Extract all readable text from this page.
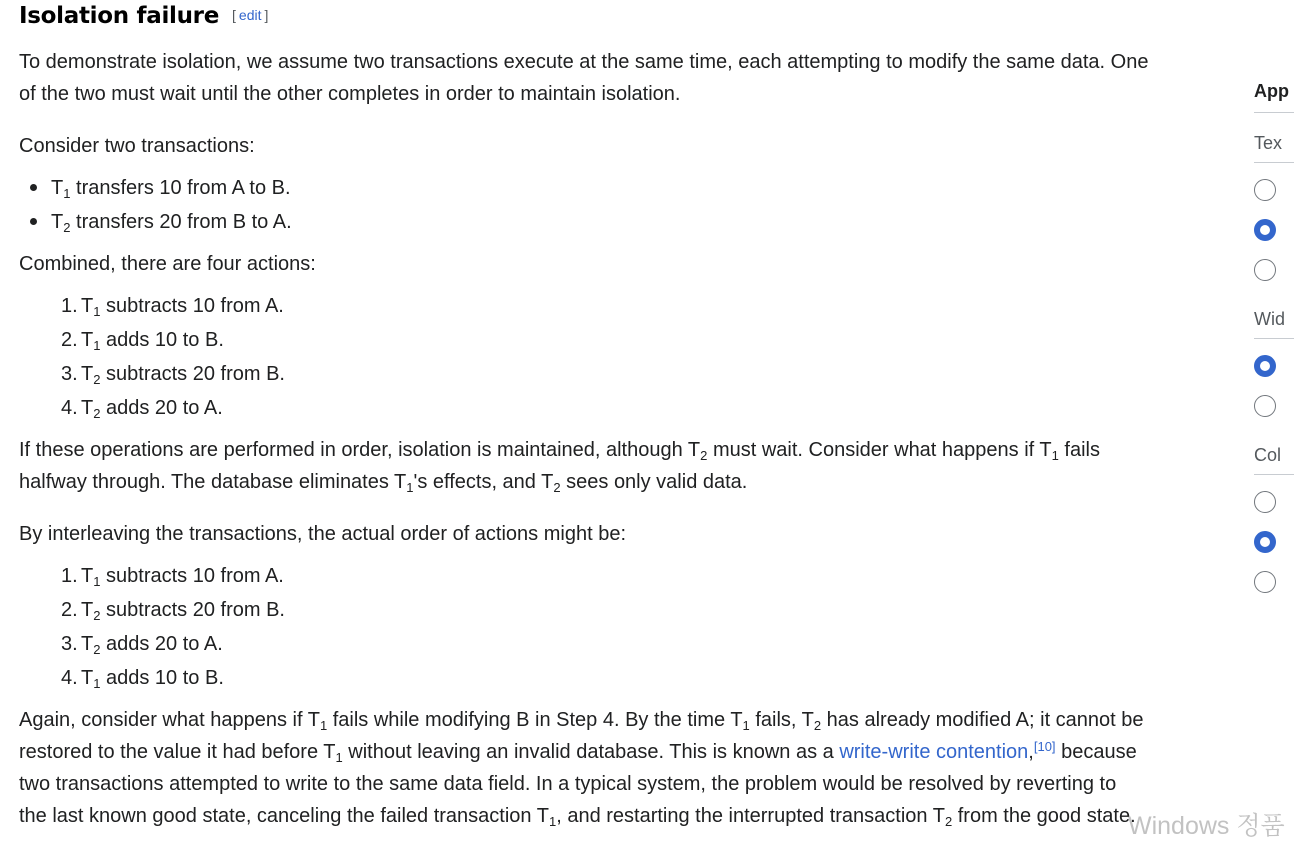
Isolation failure [ edit ]
To demonstrate isolation, we assume two transactions execute at the same time, each attempting to modify the same data. One
of the two must wait until the other completes in order to maintain isolation.
Consider two transactions:
$T_1$ transfers 10 from A to B.
$T_2$ transfers 20 from B to A.
Combined, there are four actions:
1. $T_1$ subtracts 10 from A.
2. $T_1$ adds 10 to B.
3. $T_2$ subtracts 20 from B.
4. $T_2$ adds 20 to A.
If these operations are performed in order, isolation is maintained, although $T_2$ must wait. Consider what happens if $T_1$ fails
halfway through. The database eliminates $T_1's$ effects, and $T_2$ sees only valid data.
By interleaving the transactions, the actual order of actions might be:
1. $T_1$ subtracts 10 from A.
2. $T_2$ subtracts 20 from B.
3. $T_2$ adds 20 to A.
4. $T_1$ adds 10 to B.
Again, consider what happens if $T_1$ fails while modifying B in Step 4. By the time $T_1$ fails, $T_2$ has already modified A; it cannot be
restored to the value it had before $T_1$ without leaving an invalid database. This is known as a write-write contention,[10] because
two transactions attempted to write to the same data field. In a typical system, the problem would be resolved by reverting to
the last known good state, canceling the failed transaction $T_1$, and restarting the interrupted transaction $T_2$ from the good state.
App
Tex
Wid
Col
Windows 정품
